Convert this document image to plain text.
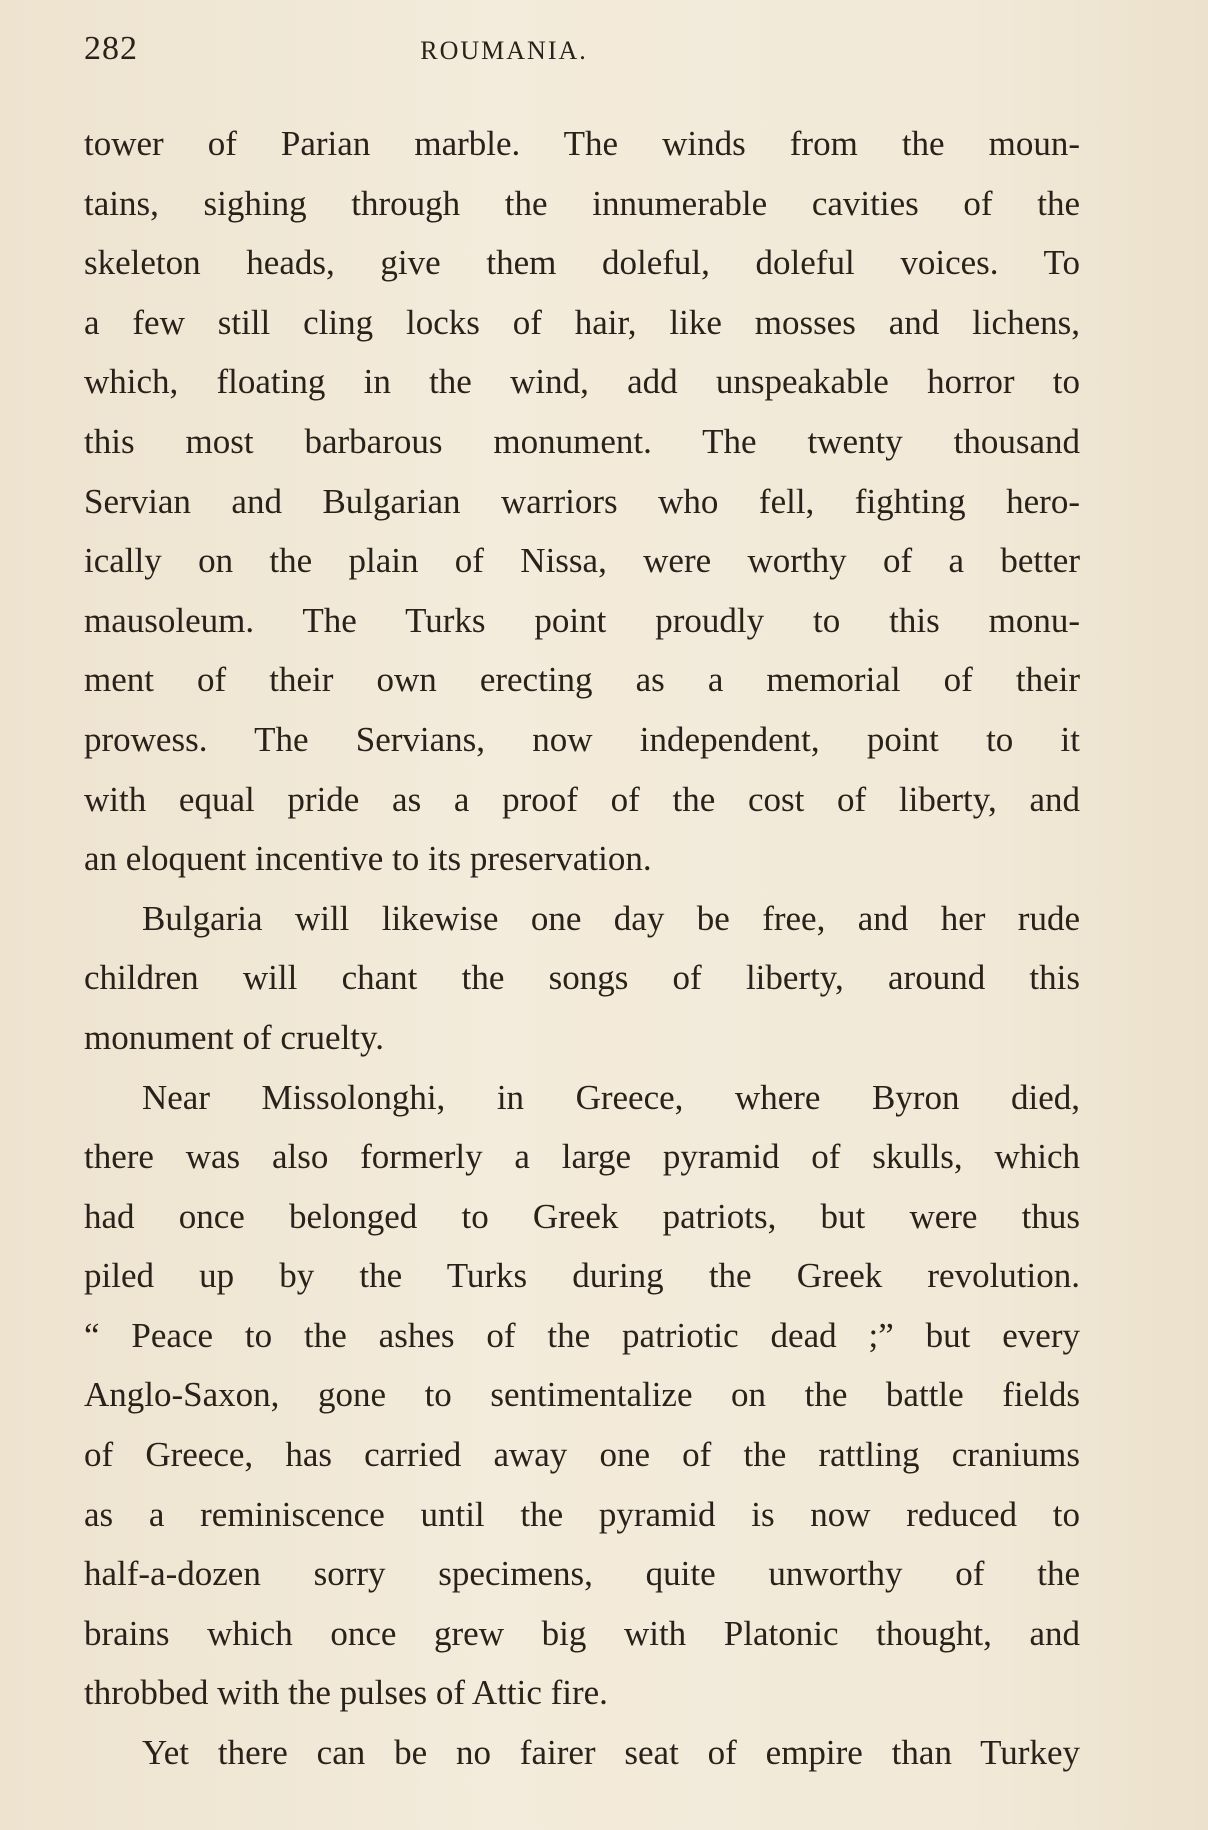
282	ROUMANIA.
tower of Parian marble. The winds from the moun-
tains, sighing through the innumerable cavities of the
skeleton heads, give them doleful, doleful voices. To
a few still cling locks of hair, like mosses and lichens,
which, floating in the wind, add unspeakable horror to
this most barbarous monument. The twenty thousand
Servian and Bulgarian warriors who fell, fighting hero-
ically on the plain of Nissa, were worthy of a better
mausoleum. The Turks point proudly to this monu-
ment of their own erecting as a memorial of their
prowess. The Servians, now independent, point to it
with equal pride as a proof of the cost of liberty, and
an eloquent incentive to its preservation.
Bulgaria will likewise one day be free, and her rude
children will chant the songs of liberty, around this
monument of cruelty.
Near Missolonghi, in Greece, where Byron died,
there was also formerly a large pyramid of skulls, which
had once belonged to Greek patriots, but were thus
piled up by the Turks during the Greek revolution.
“ Peace to the ashes of the patriotic dead ;” but every
Anglo-Saxon, gone to sentimentalize on the battle fields
of Greece, has carried away one of the rattling craniums
as a reminiscence until the pyramid is now reduced to
half-a-dozen sorry specimens, quite unworthy of the
brains which once grew big with Platonic thought, and
throbbed with the pulses of Attic fire.
Yet there can be no fairer seat of empire than Turkey
